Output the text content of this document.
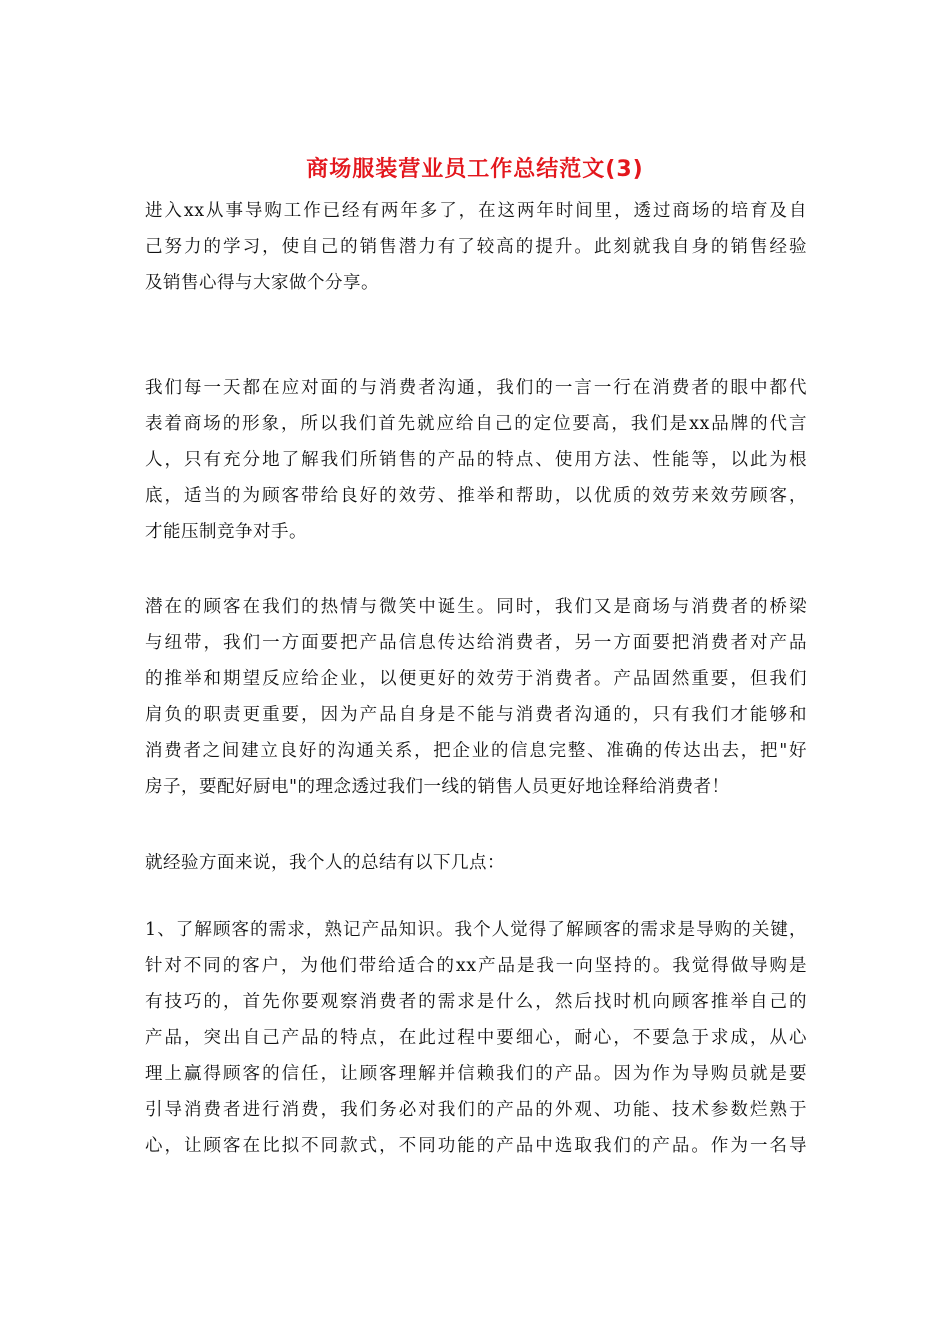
商场服装营业员工作总结范文(3)
进入xx从事导购工作已经有两年多了，在这两年时间里，透过商场的培育及自
己努力的学习，使自己的销售潜力有了较高的提升。此刻就我自身的销售经验
及销售心得与大家做个分享。
我们每一天都在应对面的与消费者沟通，我们的一言一行在消费者的眼中都代
表着商场的形象，所以我们首先就应给自己的定位要高，我们是xx品牌的代言
人，只有充分地了解我们所销售的产品的特点、使用方法、性能等，以此为根
底，适当的为顾客带给良好的效劳、推举和帮助，以优质的效劳来效劳顾客，
才能压制竞争对手。
潜在的顾客在我们的热情与微笑中诞生。同时，我们又是商场与消费者的桥梁
与纽带，我们一方面要把产品信息传达给消费者，另一方面要把消费者对产品
的推举和期望反应给企业，以便更好的效劳于消费者。产品固然重要，但我们
肩负的职责更重要，因为产品自身是不能与消费者沟通的，只有我们才能够和
消费者之间建立良好的沟通关系，把企业的信息完整、准确的传达出去，把"好
房子，要配好厨电"的理念透过我们一线的销售人员更好地诠释给消费者！
就经验方面来说，我个人的总结有以下几点：
1、了解顾客的需求，熟记产品知识。我个人觉得了解顾客的需求是导购的关键，
针对不同的客户，为他们带给适合的xx产品是我一向坚持的。我觉得做导购是
有技巧的，首先你要观察消费者的需求是什么，然后找时机向顾客推举自己的
产品，突出自己产品的特点，在此过程中要细心，耐心，不要急于求成，从心
理上赢得顾客的信任，让顾客理解并信赖我们的产品。因为作为导购员就是要
引导消费者进行消费，我们务必对我们的产品的外观、功能、技术参数烂熟于
心，让顾客在比拟不同款式，不同功能的产品中选取我们的产品。作为一名导
